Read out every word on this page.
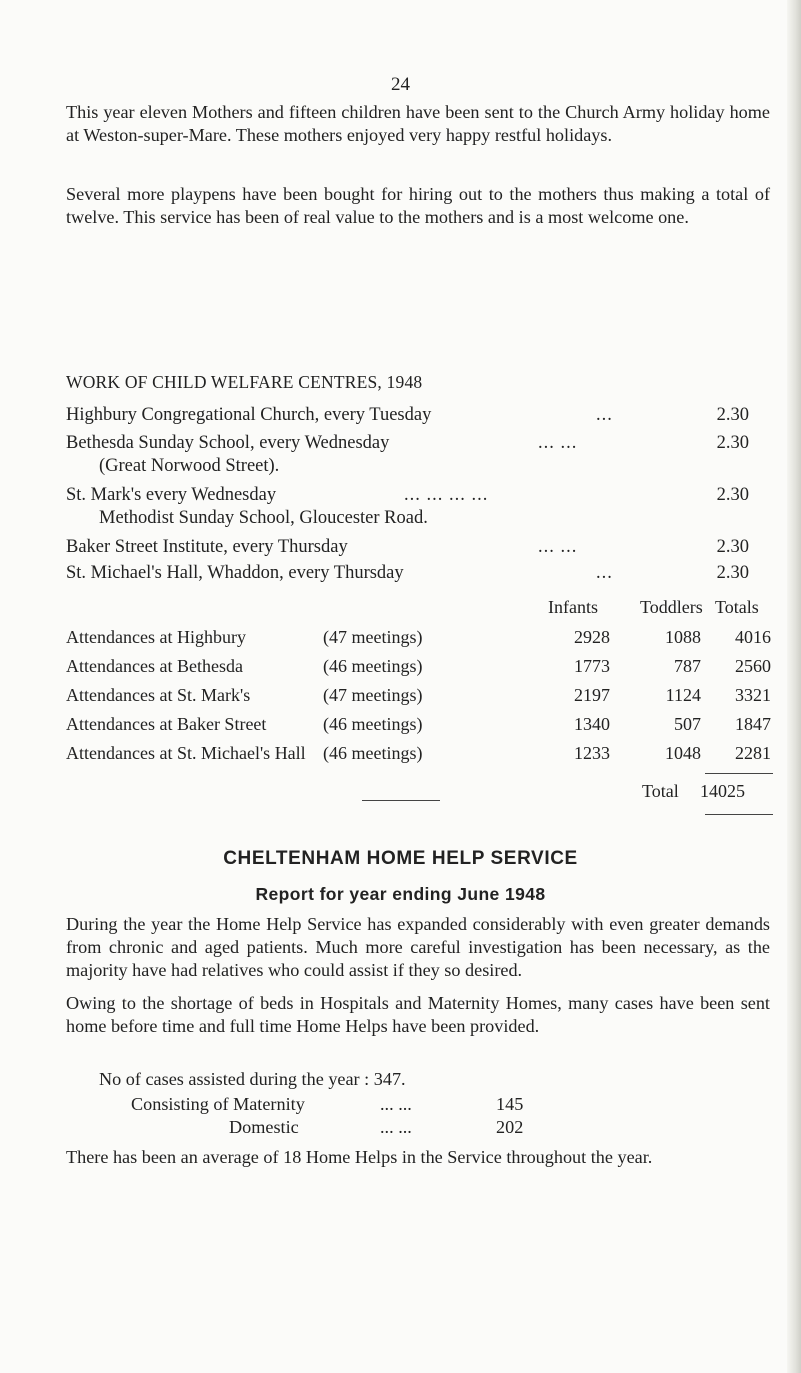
24

This year eleven Mothers and fifteen children have been sent to the Church Army holiday home at Weston-super-Mare. These mothers enjoyed very happy restful holidays.

Several more playpens have been bought for hiring out to the mothers thus making a total of twelve. This service has been of real value to the mothers and is a most welcome one.

WORK OF CHILD WELFARE CENTRES, 1948
Highbury Congregational Church, every Tuesday	...	2.30
Bethesda Sunday School, every Wednesday	... ...	2.30
(Great Norwood Street).
St. Mark's every Wednesday	... ... ... ...	2.30
Methodist Sunday School, Gloucester Road.
Baker Street Institute, every Thursday	... ...	2.30
St. Michael's Hall, Whaddon, every Thursday	...	2.30
Infants Toddlers Totals
Attendances at Highbury	(47 meetings)	2928	1088	4016
Attendances at Bethesda	(46 meetings)	1773	787	2560
Attendances at St. Mark's	(47 meetings)	2197	1124	3321
Attendances at Baker Street	(46 meetings)	1340	507	1847
Attendances at St. Michael's Hall (46 meetings)	1233	1048	2281
Total 14025
CHELTENHAM HOME HELP SERVICE
Report for year ending June 1948

During the year the Home Help Service has expanded considerably with even greater demands from chronic and aged patients. Much more careful investigation has been necessary, as the majority have had relatives who could assist if they so desired.

Owing to the shortage of beds in Hospitals and Maternity Homes, many cases have been sent home before time and full time Home Helps have been provided.

No of cases assisted during the year : 347.
Consisting of Maternity	... ...	145
Domestic	... ...	202

There has been an average of 18 Home Helps in the Service throughout the year.
